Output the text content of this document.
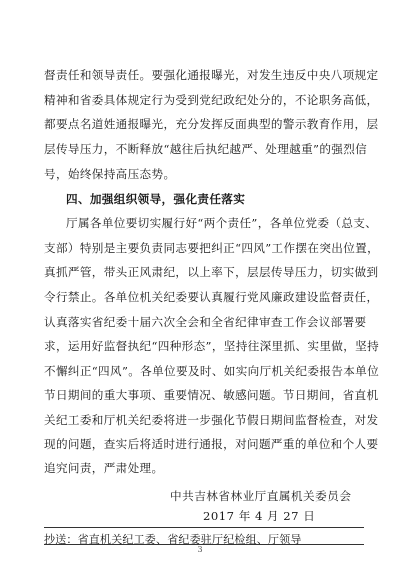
督责任和领导责任。要强化通报曝光，对发生违反中央八项规定
精神和省委具体规定行为受到党纪政纪处分的，不论职务高低，
都要点名道姓通报曝光，充分发挥反面典型的警示教育作用，层
层传导压力，不断释放“越往后执纪越严、处理越重”的强烈信
号，始终保持高压态势。
四、加强组织领导，强化责任落实
厅属各单位要切实履行好“两个责任”，各单位党委（总支、
支部）特别是主要负责同志要把纠正“四风”工作摆在突出位置，
真抓严管，带头正风肃纪，以上率下，层层传导压力，切实做到
令行禁止。各单位机关纪委要认真履行党风廉政建设监督责任，
认真落实省纪委十届六次全会和全省纪律审查工作会议部署要
求，运用好监督执纪“四种形态”，坚持往深里抓、实里做，坚持
不懈纠正“四风”。各单位要及时、如实向厅机关纪委报告本单位
节日期间的重大事项、重要情况、敏感问题。节日期间，省直机
关纪工委和厅机关纪委将进一步强化节假日期间监督检查，对发
现的问题，查实后将适时进行通报，对问题严重的单位和个人要
追究问责，严肃处理。
中共吉林省林业厅直属机关委员会
2017 年 4 月 27 日
抄送：省直机关纪工委、省纪委驻厅纪检组、厅领导
3
